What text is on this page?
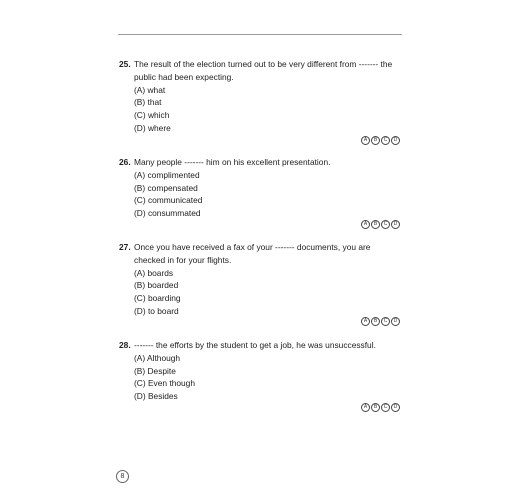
25. The result of the election turned out to be very different from ------- the public had been expecting.
(A) what
(B) that
(C) which
(D) where
A	B	C	D
26. Many people ------- him on his excellent presentation.
(A) complimented
(B) compensated
(C) communicated
(D) consummated
A	B	C	D
27. Once you have received a fax of your ------- documents, you are checked in for your flights.
(A) boards
(B) boarded
(C) boarding
(D) to board
A	B	C	D
28. ------- the efforts by the student to get a job, he was unsuccessful.
(A) Although
(B) Despite
(C) Even though
(D) Besides
A	B	C	D
8
